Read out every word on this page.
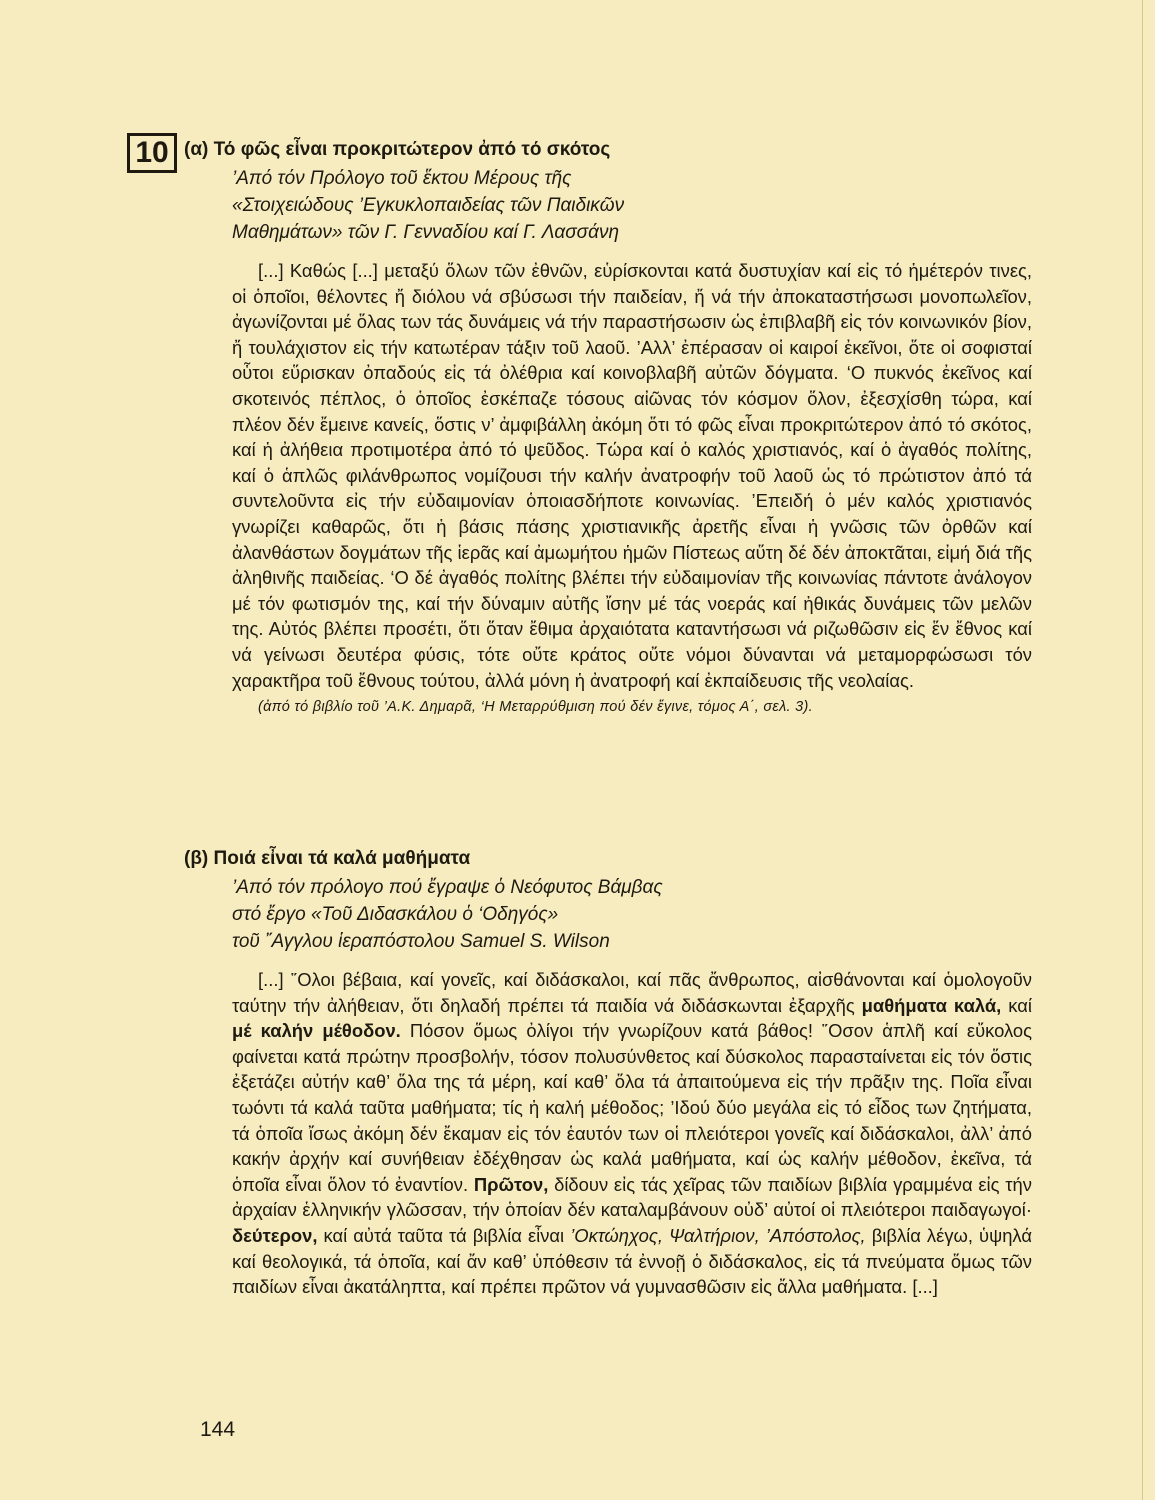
10 (α) Τό φῶς εἶναι προκριτώτερον ἀπό τό σκότος

’Από τόν Πρόλογο τοῦ ἕκτου Μέρους τῆς

«Στοιχειώδους ’Εγκυκλοπαιδείας τῶν Παιδικῶν

Μαθημάτων» τῶν Γ. Γενναδίου καί Γ. Λασσάνη

[...] Καθώς [...] μεταξύ ὅλων τῶν ἐθνῶν, εὑρίσκονται κατά δυστυχίαν καί εἰς τό ἡμέτερόν τινες, οἱ ὁποῖοι, θέλοντες ἤ διόλου νά σβύσωσι τήν παιδείαν, ἤ νά τήν ἀποκαταστήσωσι μονοπωλεῖον, ἀγωνίζονται μέ ὅλας των τάς δυνάμεις νά τήν παραστήσωσιν ὡς ἐπιβλαβῆ εἰς τόν κοινωνικόν βίον, ἤ τουλάχιστον εἰς τήν κατωτέραν τάξιν τοῦ λαοῦ. ’Αλλ’ ἐπέρασαν οἱ καιροί ἐκεῖνοι, ὅτε οἱ σοφισταί οὗτοι εὕρισκαν ὀπαδούς εἰς τά ὀλέθρια καί κοινοβλαβῆ αὐτῶν δόγματα. ‘Ο πυκνός ἐκεῖνος καί σκοτεινός πέπλος, ὁ ὁποῖος ἐσκέπαζε τόσους αἰῶνας τόν κόσμον ὅλον, ἐξεσχίσθη τώρα, καί πλέον δέν ἔμεινε κανείς, ὅστις ν’ ἀμφιβάλλη ἀκόμη ὅτι τό φῶς εἶναι προκριτώτερον ἀπό τό σκότος, καί ἡ ἀλήθεια προτιμοτέρα ἀπό τό ψεῦδος. Τώρα καί ὁ καλός χριστιανός, καί ὁ ἀγαθός πολίτης, καί ὁ ἁπλῶς φιλάνθρωπος νομίζουσι τήν καλήν ἀνατροφήν τοῦ λαοῦ ὡς τό πρώτιστον ἀπό τά συντελοῦντα εἰς τήν εὐδαιμονίαν ὁποιασδήποτε κοινωνίας. ’Επειδή ὁ μέν καλός χριστιανός γνωρίζει καθαρῶς, ὅτι ἡ βάσις πάσης χριστιανικῆς ἀρετῆς εἶναι ἡ γνῶσις τῶν ὀρθῶν καί ἀλανθάστων δογμάτων τῆς ἱερᾶς καί ἀμωμήτου ἡμῶν Πίστεως αὕτη δέ δέν ἀποκτᾶται, εἰμή διά τῆς ἀληθινῆς παιδείας. ‘Ο δέ ἀγαθός πολίτης βλέπει τήν εὐδαιμονίαν τῆς κοινωνίας πάντοτε ἀνάλογον μέ τόν φωτισμόν της, καί τήν δύναμιν αὐτῆς ἴσην μέ τάς νοεράς καί ἠθικάς δυνάμεις τῶν μελῶν της. Αὐτός βλέπει προσέτι, ὅτι ὅταν ἔθιμα ἀρχαιότατα καταντήσωσι νά ριζωθῶσιν εἰς ἕν ἔθνος καί νά γείνωσι δευτέρα φύσις, τότε οὔτε κράτος οὔτε νόμοι δύνανται νά μεταμορφώσωσι τόν χαρακτῆρα τοῦ ἔθνους τούτου, ἀλλά μόνη ἡ ἀνατροφή καί ἐκπαίδευσις τῆς νεολαίας.

(ἀπό τό βιβλίο τοῦ ’Α.Κ. Δημαρᾶ, ‘Η Μεταρρύθμιση πού δέν ἔγινε, τόμος Α΄, σελ. 3).

(β) Ποιά εἶναι τά καλά μαθήματα

’Από τόν πρόλογο πού ἔγραψε ὁ Νεόφυτος Βάμβας

στό ἔργο «Τοῦ Διδασκάλου ὁ ‘Οδηγός»

τοῦ ῎Αγγλου ἱεραπόστολου Samuel S. Wilson

[...] ῞Ολοι βέβαια, καί γονεῖς, καί διδάσκαλοι, καί πᾶς ἄνθρωπος, αἰσθάνονται καί ὁμολογοῦν ταύτην τήν ἀλήθειαν, ὅτι δηλαδή πρέπει τά παιδία νά διδάσκωνται ἐξαρχῆς μαθήματα καλά, καί μέ καλήν μέθοδον. Πόσον ὅμως ὀλίγοι τήν γνωρίζουν κατά βάθος! ῞Οσον ἁπλῆ καί εὔκολος φαίνεται κατά πρώτην προσβολήν, τόσον πολυσύνθετος καί δύσκολος παρασταίνεται εἰς τόν ὅστις ἐξετάζει αὐτήν καθ’ ὅλα της τά μέρη, καί καθ’ ὅλα τά ἀπαιτούμενα εἰς τήν πρᾶξιν της. Ποῖα εἶναι τωόντι τά καλά ταῦτα μαθήματα; τίς ἡ καλή μέθοδος; ’Ιδού δύο μεγάλα εἰς τό εἶδος των ζητήματα, τά ὁποῖα ἴσως ἀκόμη δέν ἔκαμαν εἰς τόν ἑαυτόν των οἱ πλειότεροι γονεῖς καί διδάσκαλοι, ἀλλ’ ἀπό κακήν ἀρχήν καί συνήθειαν ἐδέχθησαν ὡς καλά μαθήματα, καί ὡς καλήν μέθοδον, ἐκεῖνα, τά ὁποῖα εἶναι ὅλον τό ἐναντίον. Πρῶτον, δίδουν εἰς τάς χεῖρας τῶν παιδίων βιβλία γραμμένα εἰς τήν ἀρχαίαν ἑλληνικήν γλῶσσαν, τήν ὁποίαν δέν καταλαμβάνουν οὐδ’ αὐτοί οἱ πλειότεροι παιδαγωγοί· δεύτερον, καί αὐτά ταῦτα τά βιβλία εἶναι ’Οκτώηχος, Ψαλτήριον, ’Απόστολος, βιβλία λέγω, ὑψηλά καί θεολογικά, τά ὁποῖα, καί ἄν καθ’ ὑπόθεσιν τά ἐννοῇ ὁ διδάσκαλος, εἰς τά πνεύματα ὅμως τῶν παιδίων εἶναι ἀκατάληπτα, καί πρέπει πρῶτον νά γυμνασθῶσιν εἰς ἄλλα μαθήματα. [...]

144
